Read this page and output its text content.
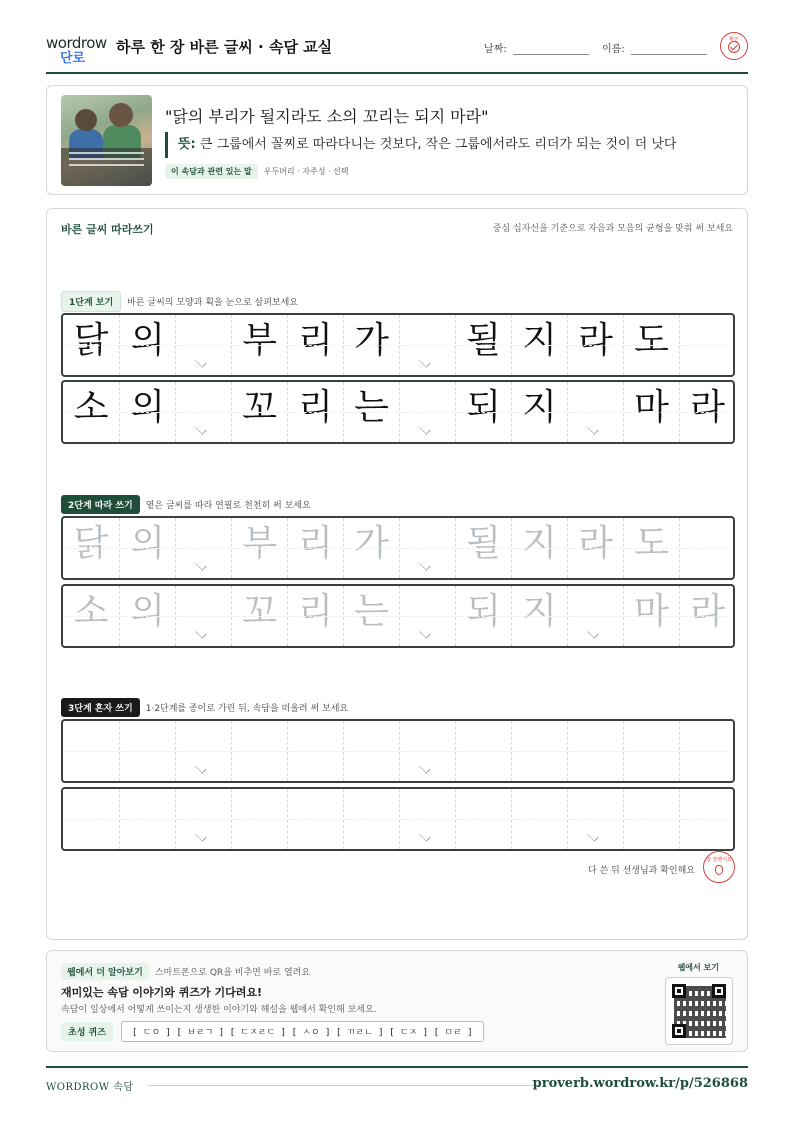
wordrow
단로
하루 한 장 바른 글씨 · 속담 교실	날짜:	이름:
확인
"닭의 부리가 될지라도 소의 꼬리는 되지 마라"
뜻: 큰 그룹에서 꼴찌로 따라다니는 것보다, 작은 그룹에서라도 리더가 되는 것이 더 낫다
이 속담과 관련 있는 말 우두머리 · 자주성 · 선택
바른 글씨 따라쓰기	중심 십자선을 기준으로 자음과 모음의 균형을 맞춰 써 보세요
1단계 보기 바른 글씨의 모양과 획을 눈으로 살펴보세요
닭 의 부 리 가 될 지 라 도
소 의 꼬 리 는 되 지 마 라
2단계 따라 쓰기 옅은 글씨를 따라 연필로 천천히 써 보세요
닭 의 부 리 가 될 지 라 도
소 의 꼬 리 는 되 지 마 라
3단계 혼자 쓰기 1·2단계를 종이로 가린 뒤, 속담을 떠올려 써 보세요
다 쓴 뒤 선생님과 확인해요
참 잘했어요
웹에서 더 알아보기 스마트폰으로 QR을 비추면 바로 열려요
재미있는 속담 이야기와 퀴즈가 기다려요!
속담이 일상에서 어떻게 쓰이는지 생생한 이야기와 해설을 웹에서 확인해 보세요.
초성 퀴즈	[ ㄷㅇ ] [ ㅂㄹㄱ ] [ ㄷㅈㄹㄷ ] [ ㅅㅇ ] [ ㄲㄹㄴ ] [ ㄷㅈ ] [ ㅁㄹ ]
웹에서 보기
WORDROW 속담	proverb.wordrow.kr/p/526868
